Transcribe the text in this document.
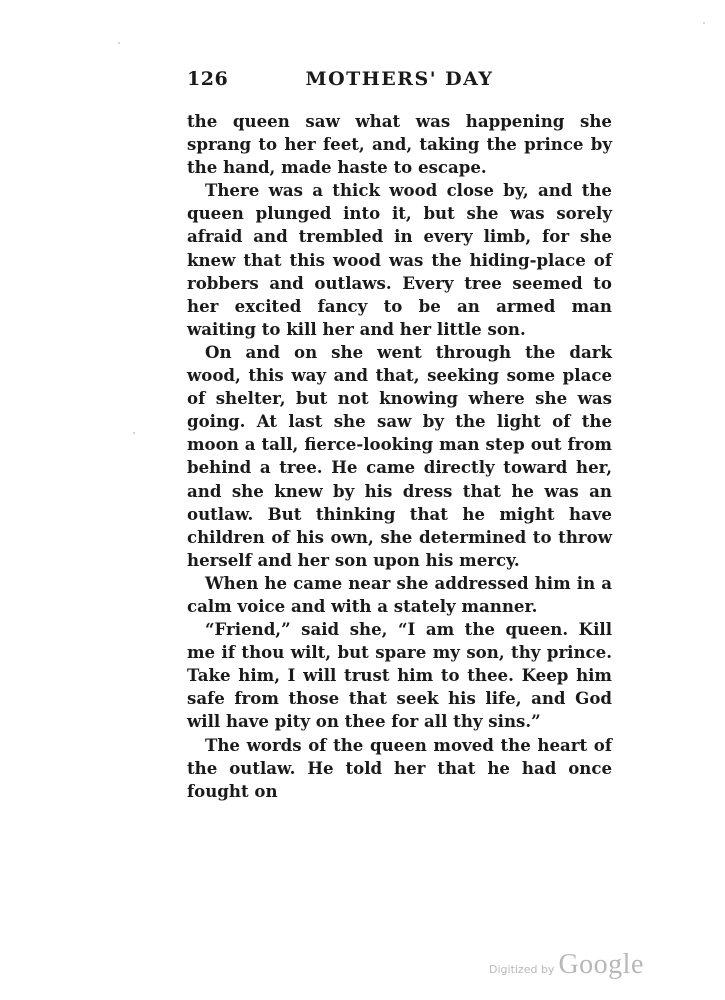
126	MOTHERS' DAY

the queen saw what was happening she sprang to her feet, and, taking the prince by the hand, made haste to escape.

There was a thick wood close by, and the queen plunged into it, but she was sorely afraid and trembled in every limb, for she knew that this wood was the hiding-place of robbers and outlaws. Every tree seemed to her excited fancy to be an armed man waiting to kill her and her little son.

On and on she went through the dark wood, this way and that, seeking some place of shelter, but not knowing where she was going. At last she saw by the light of the moon a tall, fierce-looking man step out from behind a tree. He came directly toward her, and she knew by his dress that he was an outlaw. But thinking that he might have children of his own, she determined to throw herself and her son upon his mercy.

When he came near she addressed him in a calm voice and with a stately manner.

“Friend,” said she, “I am the queen. Kill me if thou wilt, but spare my son, thy prince. Take him, I will trust him to thee. Keep him safe from those that seek his life, and God will have pity on thee for all thy sins.”

The words of the queen moved the heart of the outlaw. He told her that he had once fought on

Digitized by Google
